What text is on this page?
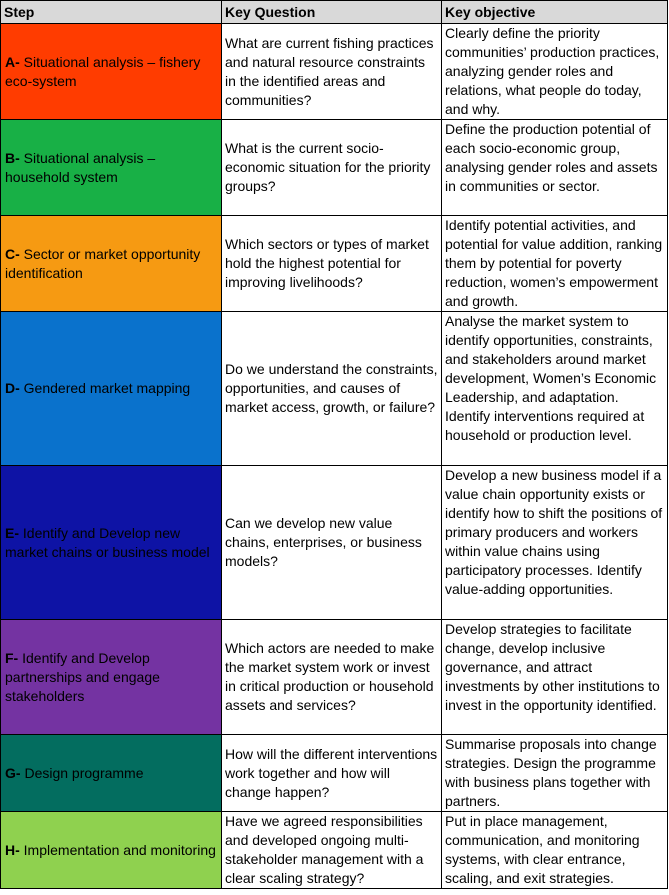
Step	Key Question	Key objective
A- Situational analysis – fishery eco-system	What are current fishing practices and natural resource constraints in the identified areas and communities?	Clearly define the priority communities’ production practices, analyzing gender roles and relations, what people do today, and why.
B- Situational analysis – household system	What is the current socio-economic situation for the priority groups?	Define the production potential of each socio-economic group, analysing gender roles and assets in communities or sector.
C- Sector or market opportunity identification	Which sectors or types of market hold the highest potential for improving livelihoods?	Identify potential activities, and potential for value addition, ranking them by potential for poverty reduction, women’s empowerment and growth.
D- Gendered market mapping	Do we understand the constraints, opportunities, and causes of market access, growth, or failure?	Analyse the market system to identify opportunities, constraints, and stakeholders around market development, Women’s Economic Leadership, and adaptation. Identify interventions required at household or production level.
E- Identify and Develop new market chains or business model	Can we develop new value chains, enterprises, or business models?	Develop a new business model if a value chain opportunity exists or identify how to shift the positions of primary producers and workers within value chains using participatory processes. Identify value-adding opportunities.
F- Identify and Develop partnerships and engage stakeholders	Which actors are needed to make the market system work or invest in critical production or household assets and services?	Develop strategies to facilitate change, develop inclusive governance, and attract investments by other institutions to invest in the opportunity identified.
G- Design programme	How will the different interventions work together and how will change happen?	Summarise proposals into change strategies. Design the programme with business plans together with partners.
H- Implementation and monitoring	Have we agreed responsibilities and developed ongoing multi-stakeholder management with a clear scaling strategy?	Put in place management, communication, and monitoring systems, with clear entrance, scaling, and exit strategies.
